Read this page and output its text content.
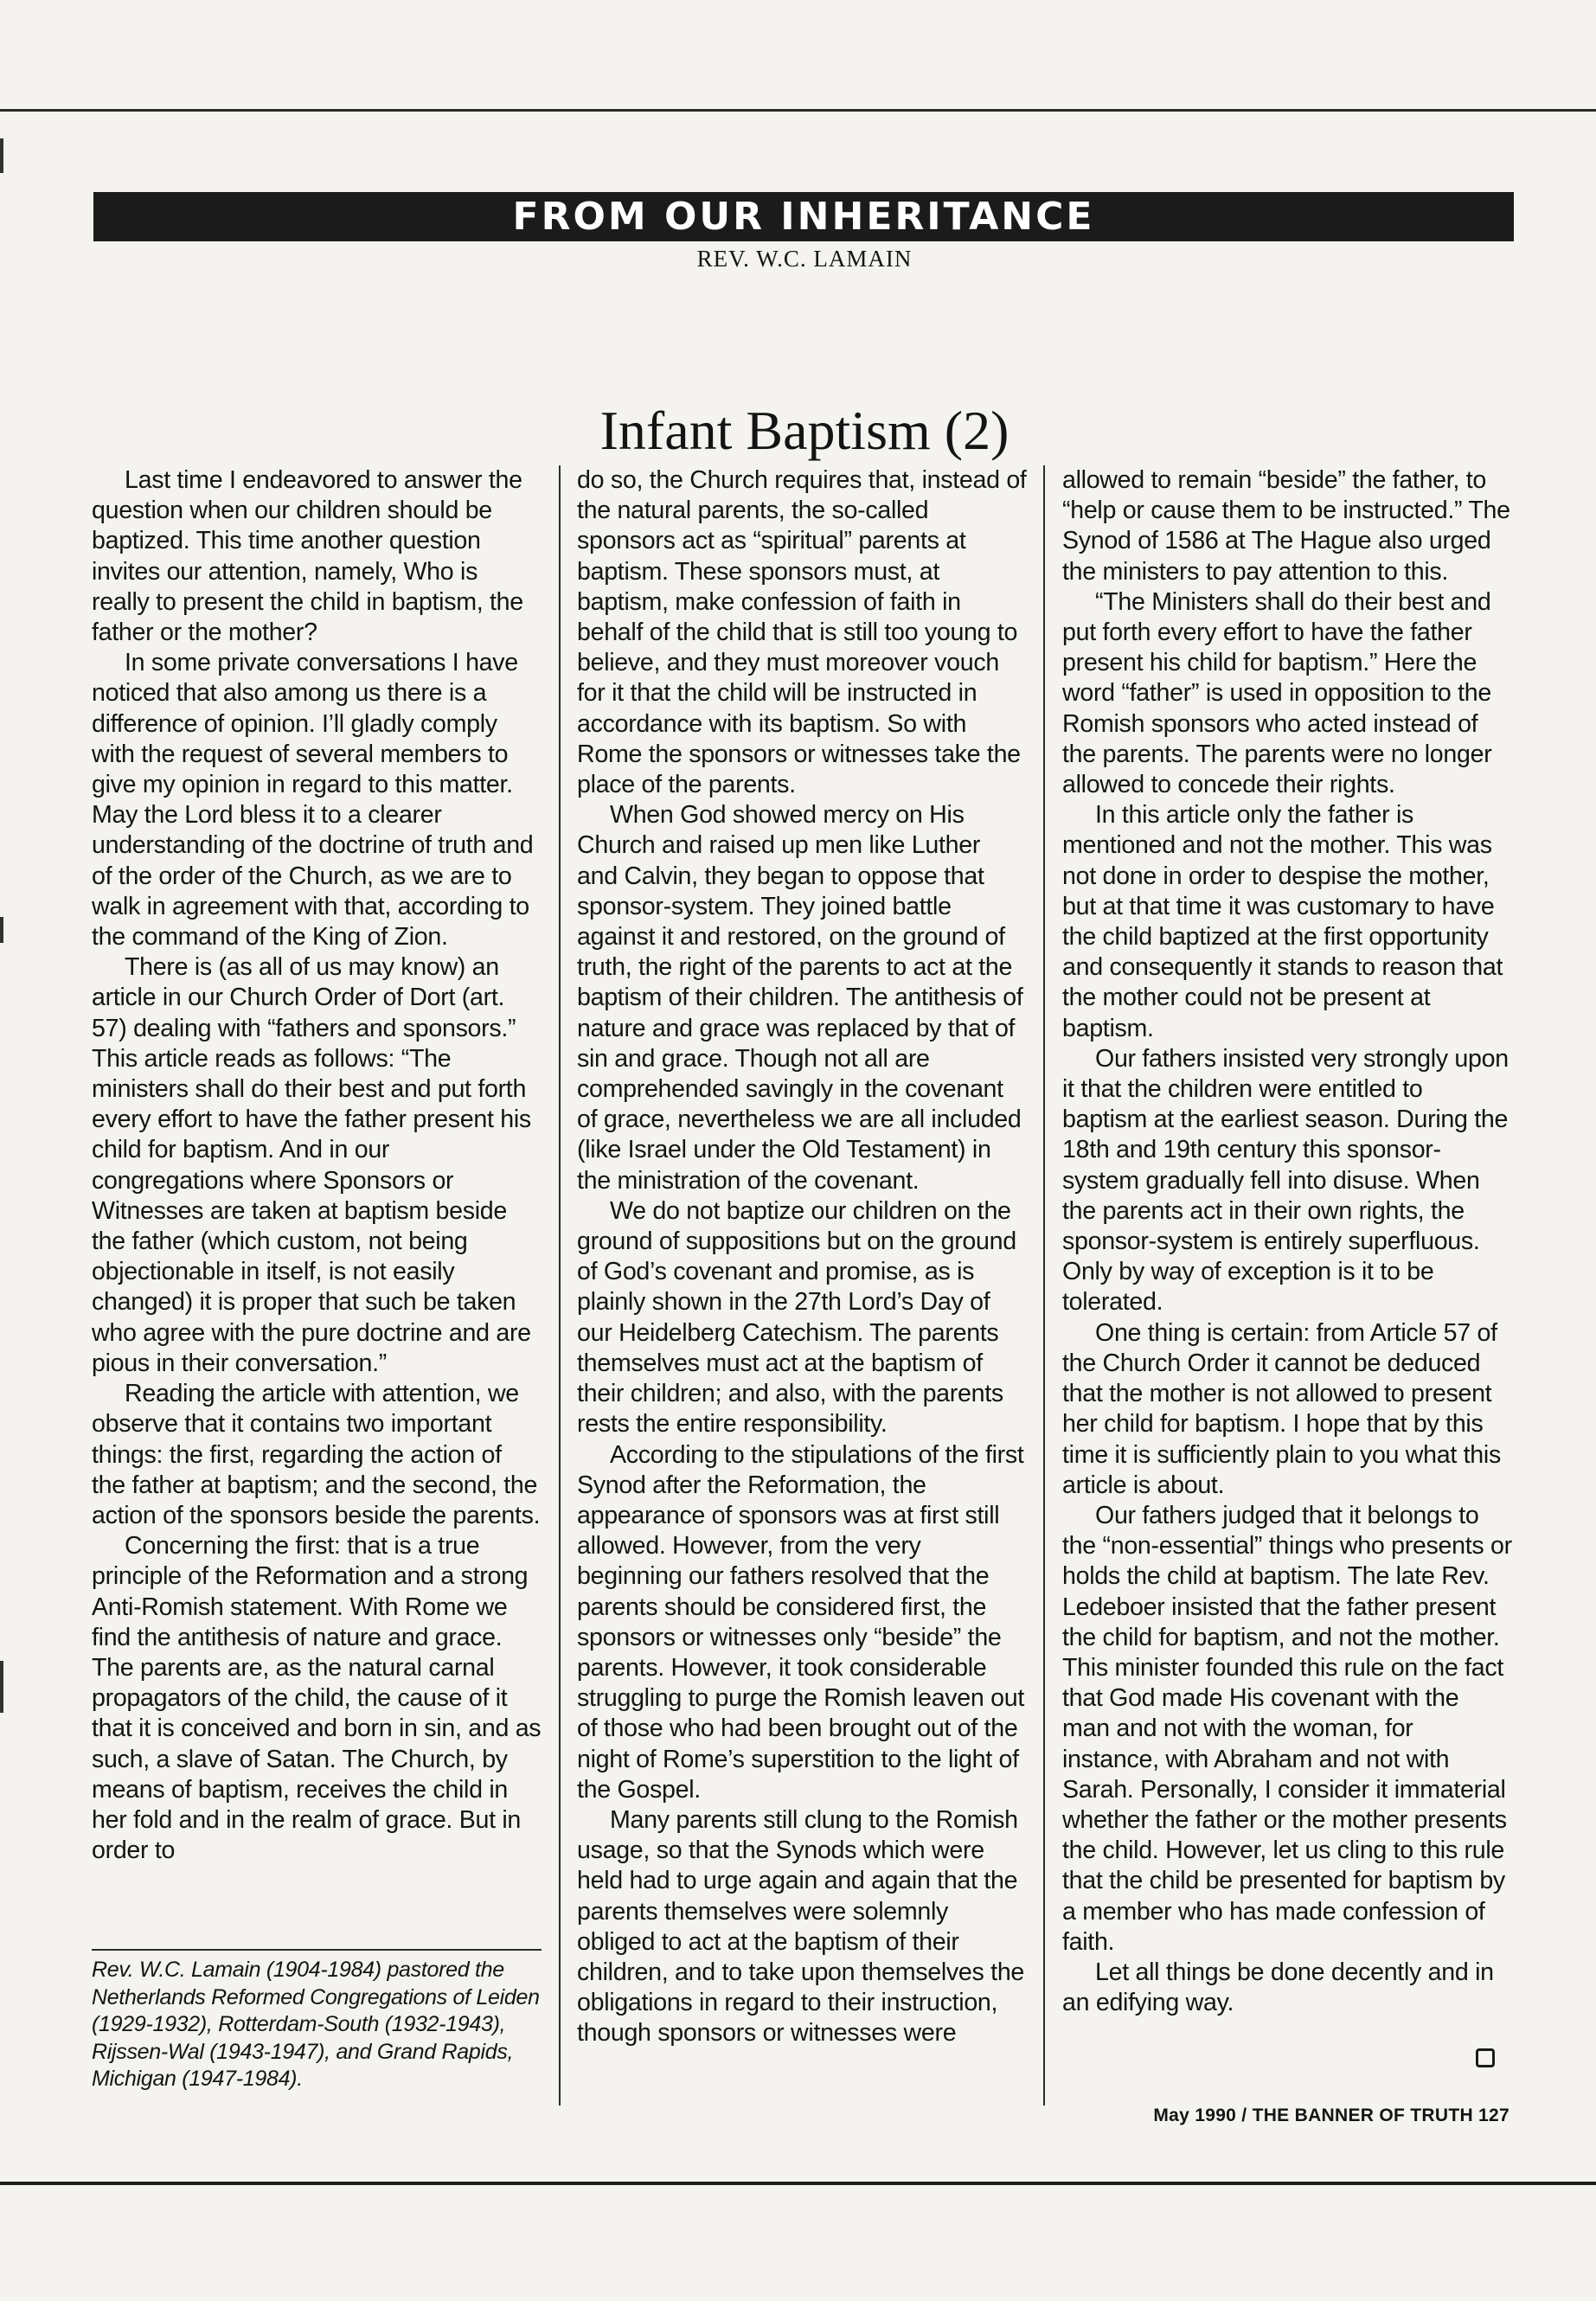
FROM OUR INHERITANCE
REV. W.C. LAMAIN
Infant Baptism (2)

Last time I endeavored to answer the question when our children should be baptized. This time another question invites our attention, namely, Who is really to present the child in baptism, the father or the mother?

In some private conversations I have noticed that also among us there is a difference of opinion. I’ll gladly comply with the request of several members to give my opinion in regard to this matter. May the Lord bless it to a clearer understanding of the doctrine of truth and of the order of the Church, as we are to walk in agreement with that, according to the command of the King of Zion.

There is (as all of us may know) an article in our Church Order of Dort (art. 57) dealing with “fathers and sponsors.” This article reads as follows: “The ministers shall do their best and put forth every effort to have the father present his child for baptism. And in our congregations where Sponsors or Witnesses are taken at baptism beside the father (which custom, not being objectionable in itself, is not easily changed) it is proper that such be taken who agree with the pure doctrine and are pious in their conversation.”

Reading the article with attention, we observe that it contains two important things: the first, regarding the action of the father at baptism; and the second, the action of the sponsors beside the parents.

Concerning the first: that is a true principle of the Reformation and a strong Anti-Romish statement. With Rome we find the antithesis of nature and grace. The parents are, as the natural carnal propagators of the child, the cause of it that it is conceived and born in sin, and as such, a slave of Satan. The Church, by means of baptism, receives the child in her fold and in the realm of grace. But in order to

do so, the Church requires that, instead of the natural parents, the so-called sponsors act as “spiritual” parents at baptism. These sponsors must, at baptism, make confession of faith in behalf of the child that is still too young to believe, and they must moreover vouch for it that the child will be instructed in accordance with its baptism. So with Rome the sponsors or witnesses take the place of the parents.

When God showed mercy on His Church and raised up men like Luther and Calvin, they began to oppose that sponsor-system. They joined battle against it and restored, on the ground of truth, the right of the parents to act at the baptism of their children. The antithesis of nature and grace was replaced by that of sin and grace. Though not all are comprehended savingly in the covenant of grace, nevertheless we are all included (like Israel under the Old Testament) in the ministration of the covenant.

We do not baptize our children on the ground of suppositions but on the ground of God’s covenant and promise, as is plainly shown in the 27th Lord’s Day of our Heidelberg Catechism. The parents themselves must act at the baptism of their children; and also, with the parents rests the entire responsibility.

According to the stipulations of the first Synod after the Reformation, the appearance of sponsors was at first still allowed. However, from the very beginning our fathers resolved that the parents should be considered first, the sponsors or witnesses only “beside” the parents. However, it took considerable struggling to purge the Romish leaven out of those who had been brought out of the night of Rome’s superstition to the light of the Gospel.

Many parents still clung to the Romish usage, so that the Synods which were held had to urge again and again that the parents themselves were solemnly obliged to act at the baptism of their children, and to take upon themselves the obligations in regard to their instruction, though sponsors or witnesses were

allowed to remain “beside” the father, to “help or cause them to be instructed.” The Synod of 1586 at The Hague also urged the ministers to pay attention to this.

“The Ministers shall do their best and put forth every effort to have the father present his child for baptism.” Here the word “father” is used in opposition to the Romish sponsors who acted instead of the parents. The parents were no longer allowed to concede their rights.

In this article only the father is mentioned and not the mother. This was not done in order to despise the mother, but at that time it was customary to have the child baptized at the first opportunity and consequently it stands to reason that the mother could not be present at baptism.

Our fathers insisted very strongly upon it that the children were entitled to baptism at the earliest season. During the 18th and 19th century this sponsor-system gradually fell into disuse. When the parents act in their own rights, the sponsor-system is entirely superfluous. Only by way of exception is it to be tolerated.

One thing is certain: from Article 57 of the Church Order it cannot be deduced that the mother is not allowed to present her child for baptism. I hope that by this time it is sufficiently plain to you what this article is about.

Our fathers judged that it belongs to the “non-essential” things who presents or holds the child at baptism. The late Rev. Ledeboer insisted that the father present the child for baptism, and not the mother. This minister founded this rule on the fact that God made His covenant with the man and not with the woman, for instance, with Abraham and not with Sarah. Personally, I consider it immaterial whether the father or the mother presents the child. However, let us cling to this rule that the child be presented for baptism by a member who has made confession of faith.

Let all things be done decently and in an edifying way.

Rev. W.C. Lamain (1904-1984) pastored the Netherlands Reformed Congregations of Leiden (1929-1932), Rotterdam-South (1932-1943), Rijssen-Wal (1943-1947), and Grand Rapids, Michigan (1947-1984).
May 1990 / THE BANNER OF TRUTH 127
